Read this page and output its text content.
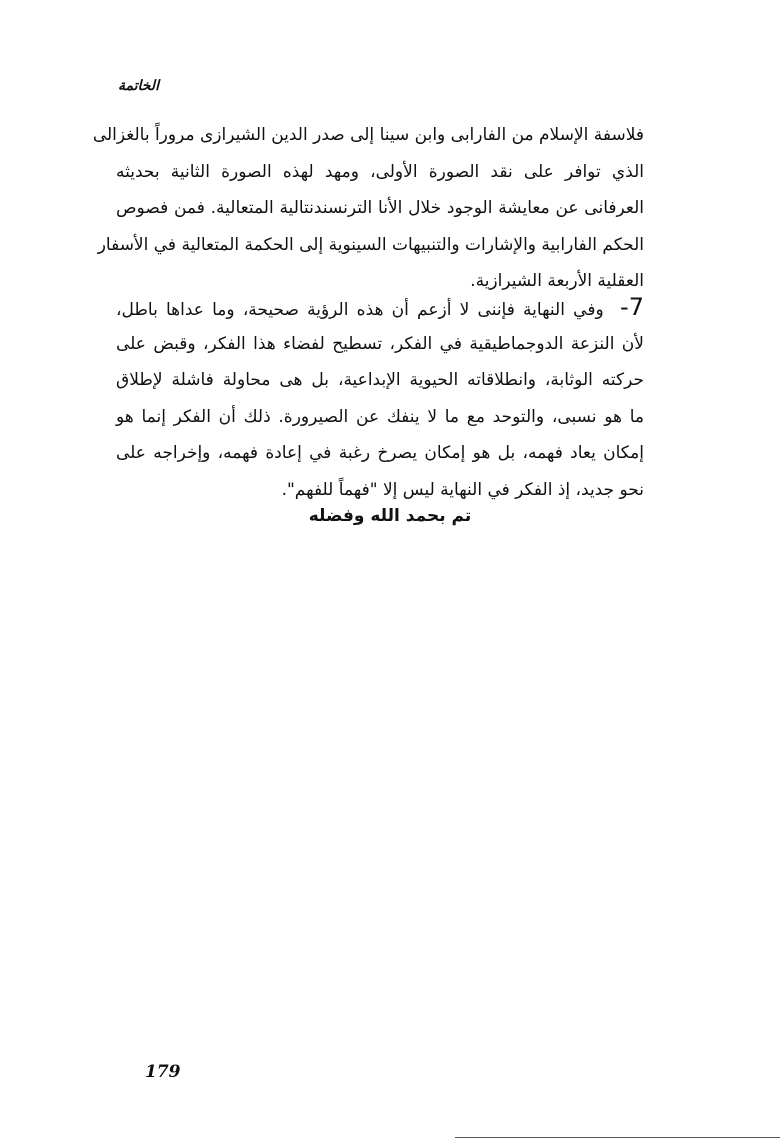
الخاتمة
فلاسفة الإسلام من الفارابى وابن سينا إلى صدر الدين الشيرازى مروراً بالغزالى
الذي توافر على نقد الصورة الأولى، ومهد لهذه الصورة الثانية بحديثه
العرفانى عن معايشة الوجود خلال الأنا الترنسندنتالية المتعالية. فمن فصوص
الحكم الفارابية والإشارات والتنبيهات السينوية إلى الحكمة المتعالية في الأسفار
العقلية الأربعة الشيرازية.
7-  وفي النهاية فإننى لا أزعم أن هذه الرؤية صحيحة، وما عداها باطل،
لأن النزعة الدوجماطيقية في الفكر، تسطيح لفضاء هذا الفكر، وقبض على
حركته الوثابة، وانطلاقاته الحيوية الإبداعية، بل هى محاولة فاشلة لإطلاق
ما هو نسبى، والتوحد مع ما لا ينفك عن الصيرورة. ذلك أن الفكر إنما هو
إمكان يعاد فهمه، بل هو إمكان يصرخ رغبة في إعادة فهمه، وإخراجه على
نحو جديد، إذ الفكر في النهاية ليس إلا "فهماً للفهم".
تم بحمد الله وفضله
179
